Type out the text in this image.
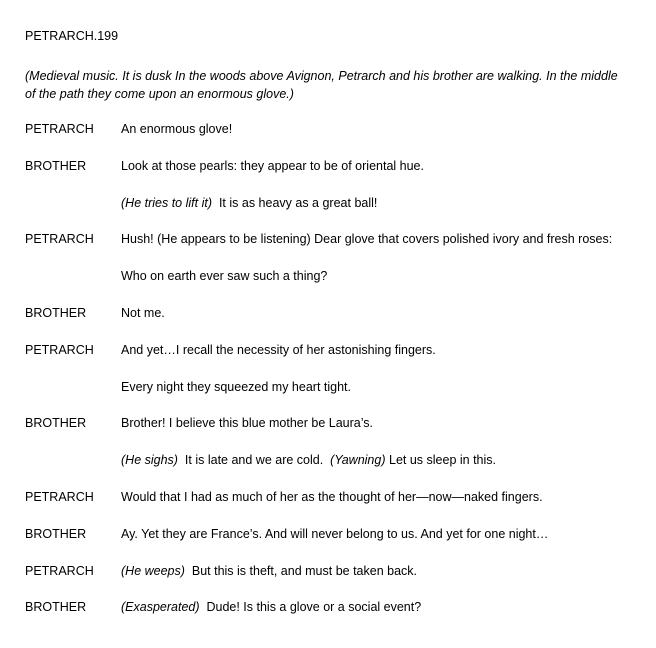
PETRARCH.199
(Medieval music. It is dusk In the woods above Avignon, Petrarch and his brother are walking. In the middle of the path they come upon an enormous glove.)
PETRARCH An enormous glove!
BROTHER	Look at those pearls: they appear to be of oriental hue.
(He tries to lift it) It is as heavy as a great ball!
PETRARCH Hush! (He appears to be listening) Dear glove that covers polished ivory and fresh roses:
Who on earth ever saw such a thing?
BROTHER	Not me.
PETRARCH And yet…I recall the necessity of her astonishing fingers.
Every night they squeezed my heart tight.
BROTHER	Brother! I believe this blue mother be Laura’s.
(He sighs) It is late and we are cold. (Yawning) Let us sleep in this.
PETRARCH Would that I had as much of her as the thought of her—now—naked fingers.
BROTHER	Ay. Yet they are France’s. And will never belong to us. And yet for one night…
PETRARCH (He weeps) But this is theft, and must be taken back.
BROTHER	(Exasperated) Dude! Is this a glove or a social event?
